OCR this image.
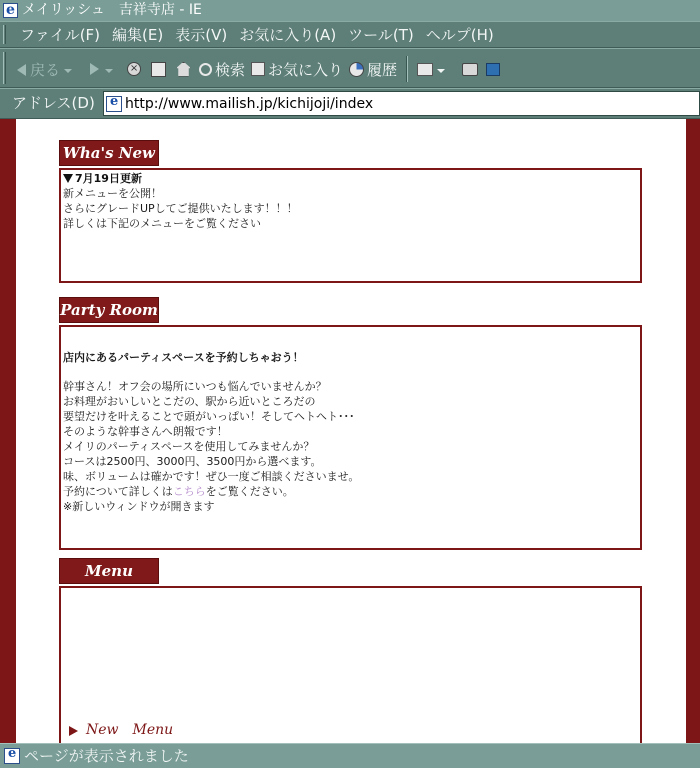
e
メイリッシュ　吉祥寺店 - IE
ファイル(F) 編集(E) 表示(V) お気に入り(A) ツール(T) ヘルプ(H)
戻る	×	検索 お気に入り 履歴
アドレス(D)
e http://www.mailish.jp/kichijoji/index
Wha's New

7月19日更新

新メニューを公開！

さらにグレードUPしてご提供いたします！！！

詳しくは下記のメニューをご覧ください

Party Room

店内にあるパーティスペースを予約しちゃおう！

幹事さん！オフ会の場所にいつも悩んでいませんか？

お料理がおいしいとこだの、駅から近いところだの

要望だけを叶えることで頭がいっぱい！そしてヘトヘト･･･

そのような幹事さんへ朗報です！

メイリのパーティスペースを使用してみませんか？

コースは2500円、3000円、3500円から選べます。

味、ボリュームは確かです！ぜひ一度ご相談くださいませ。

予約について詳しくはこちらをご覧ください。

※新しいウィンドウが開きます

Menu
New　Menu
e
ページが表示されました
